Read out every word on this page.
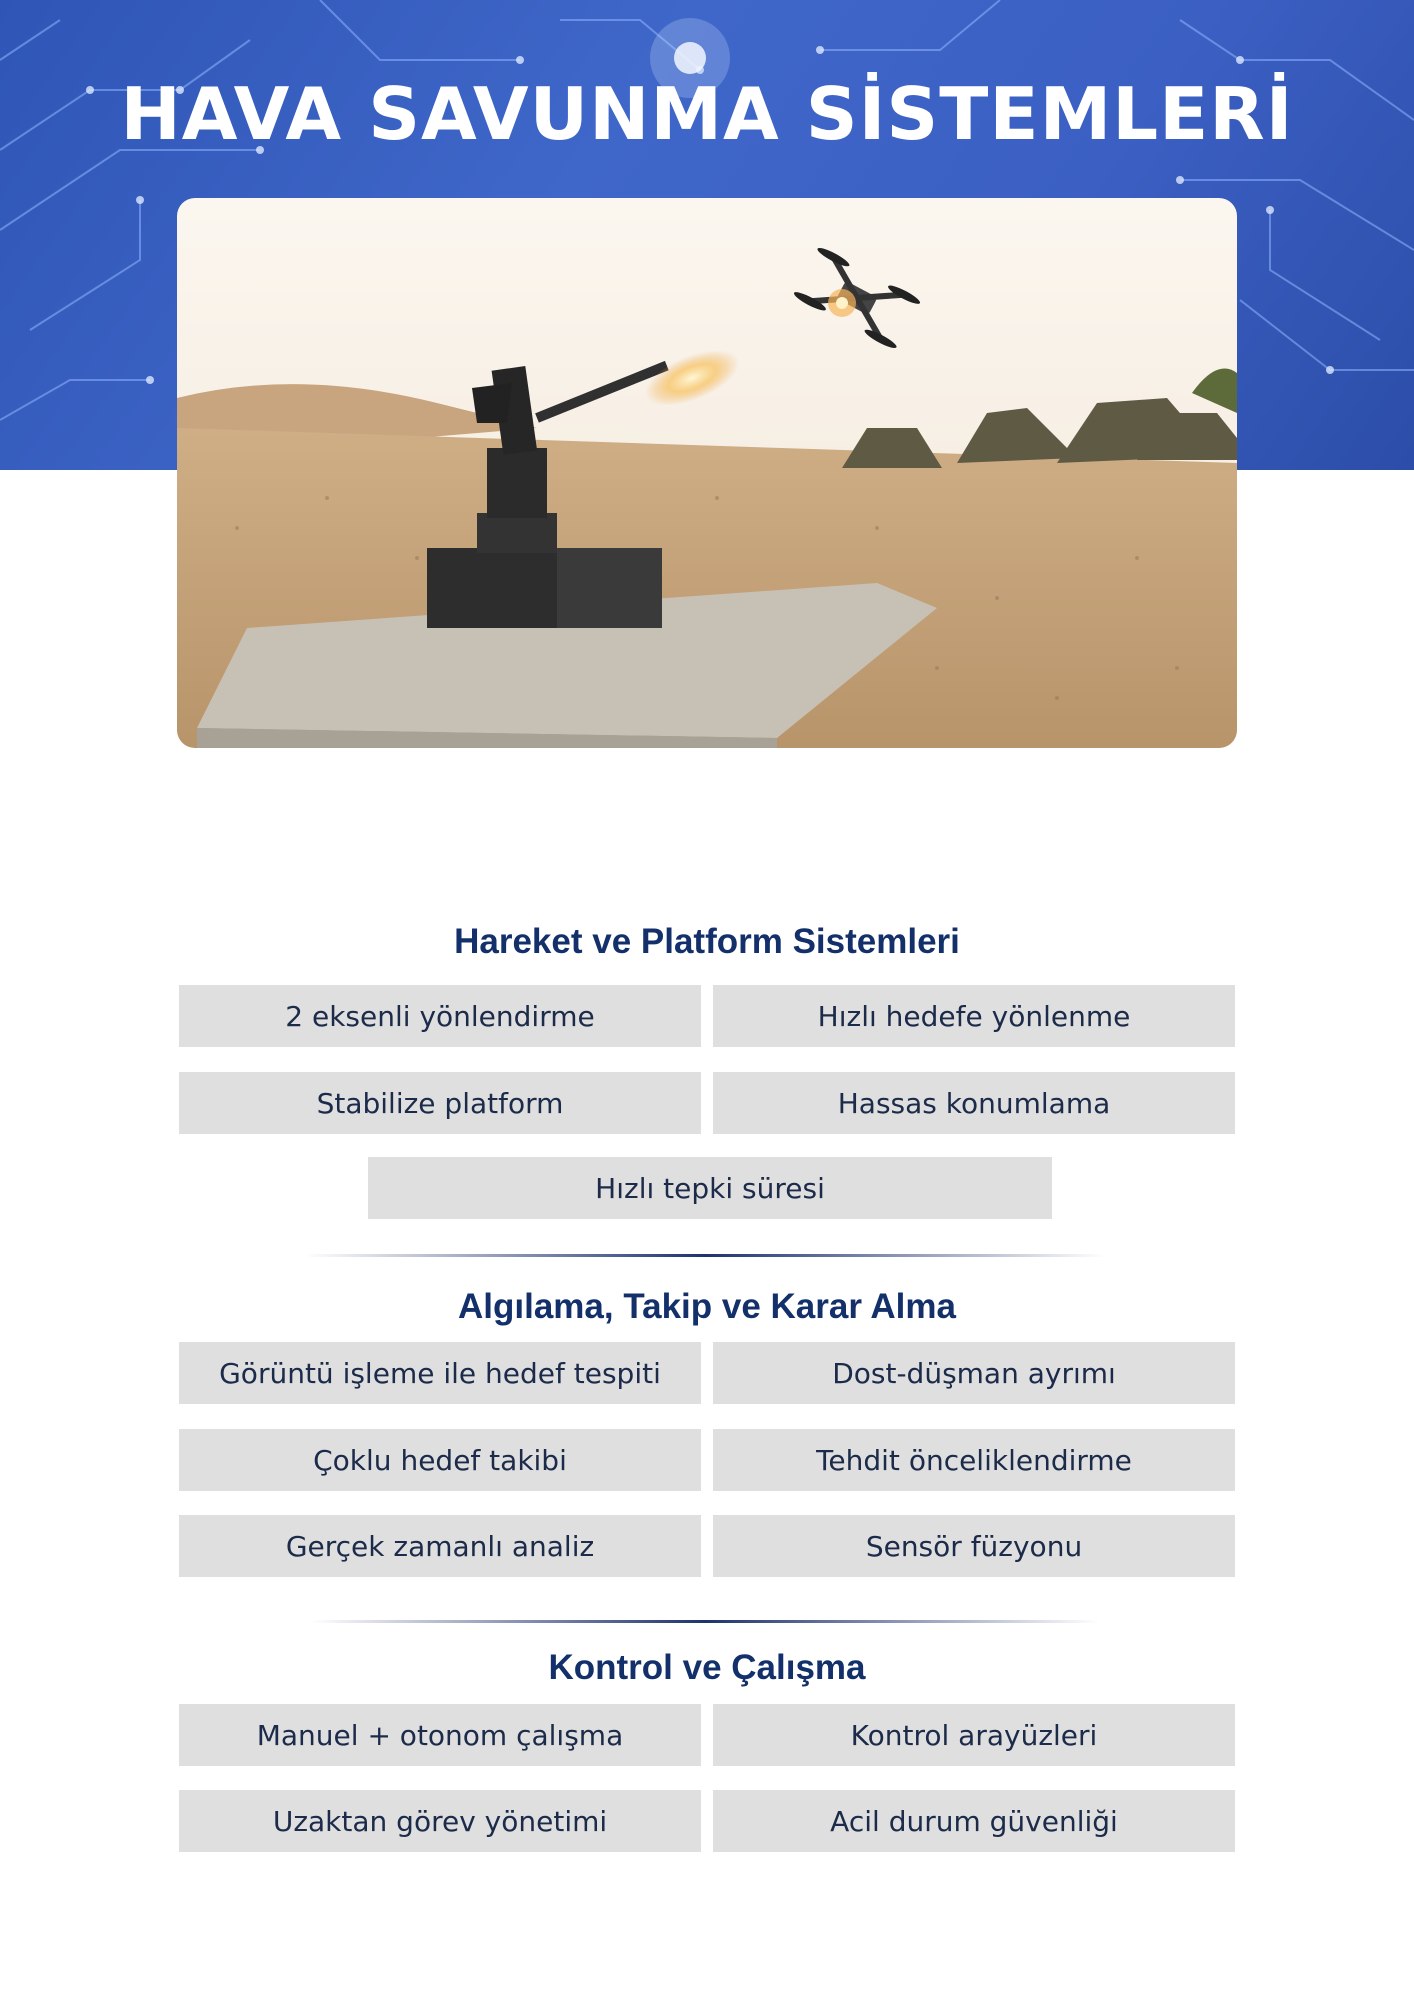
HAVA SAVUNMA SİSTEMLERİ
Hareket ve Platform Sistemleri
2 eksenli yönlendirme	Hızlı hedefe yönlenme
Stabilize platform	Hassas konumlama
Hızlı tepki süresi
Algılama, Takip ve Karar Alma
Görüntü işleme ile hedef tespiti	Dost-düşman ayrımı
Çoklu hedef takibi	Tehdit önceliklendirme
Gerçek zamanlı analiz	Sensör füzyonu
Kontrol ve Çalışma
Manuel + otonom çalışma	Kontrol arayüzleri
Uzaktan görev yönetimi	Acil durum güvenliği
